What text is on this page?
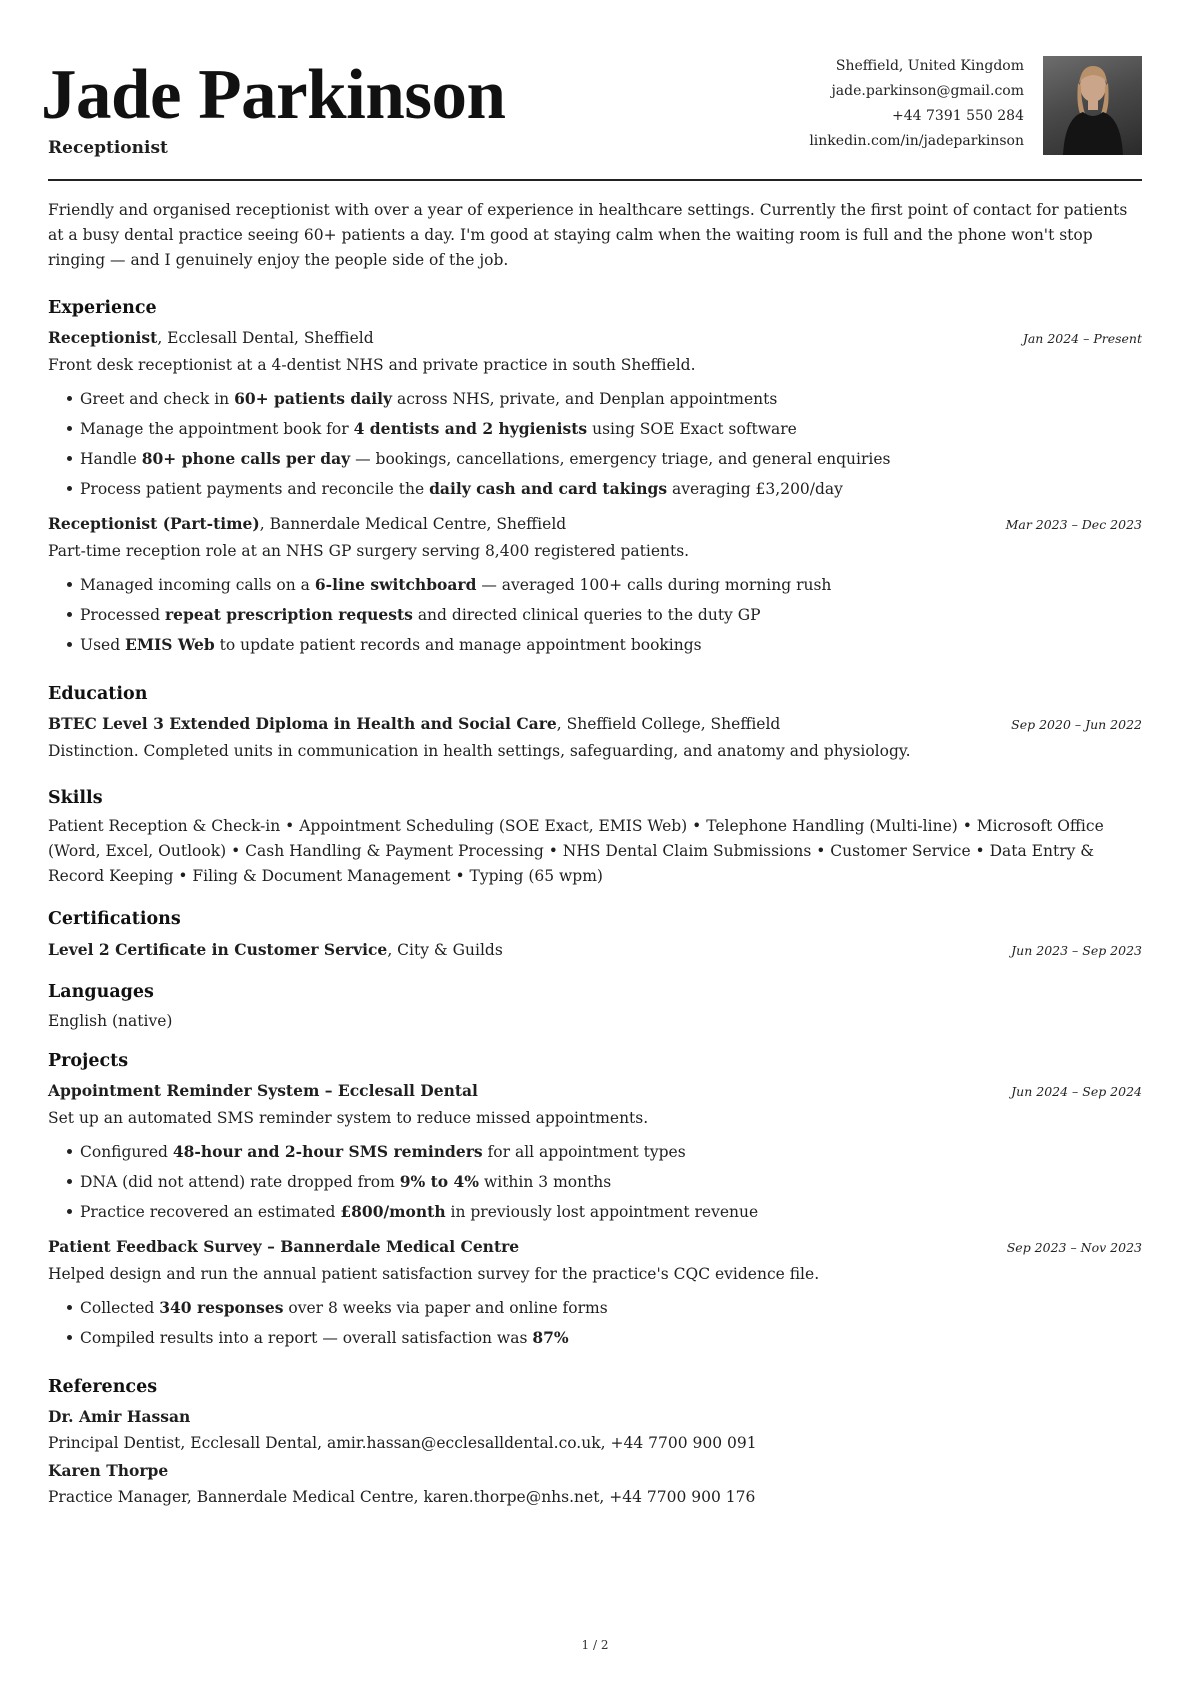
Jade Parkinson
Receptionist
Sheffield, United Kingdom
jade.parkinson@gmail.com
+44 7391 550 284
linkedin.com/in/jadeparkinson

Friendly and organised receptionist with over a year of experience in healthcare settings. Currently the first point of contact for patients at a busy dental practice seeing 60+ patients a day. I'm good at staying calm when the waiting room is full and the phone won't stop ringing — and I genuinely enjoy the people side of the job.

Experience
Receptionist, Ecclesall Dental, Sheffield	Jan 2024 – Present

Front desk receptionist at a 4-dentist NHS and private practice in south Sheffield.

Greet and check in 60+ patients daily across NHS, private, and Denplan appointments
Manage the appointment book for 4 dentists and 2 hygienists using SOE Exact software
Handle 80+ phone calls per day — bookings, cancellations, emergency triage, and general enquiries
Process patient payments and reconcile the daily cash and card takings averaging £3,200/day
Receptionist (Part-time), Bannerdale Medical Centre, Sheffield	Mar 2023 – Dec 2023

Part-time reception role at an NHS GP surgery serving 8,400 registered patients.

Managed incoming calls on a 6-line switchboard — averaged 100+ calls during morning rush
Processed repeat prescription requests and directed clinical queries to the duty GP
Used EMIS Web to update patient records and manage appointment bookings
Education
BTEC Level 3 Extended Diploma in Health and Social Care, Sheffield College, Sheffield	Sep 2020 – Jun 2022

Distinction. Completed units in communication in health settings, safeguarding, and anatomy and physiology.

Skills

Patient Reception & Check-in • Appointment Scheduling (SOE Exact, EMIS Web) • Telephone Handling (Multi-line) • Microsoft Office (Word, Excel, Outlook) • Cash Handling & Payment Processing • NHS Dental Claim Submissions • Customer Service • Data Entry & Record Keeping • Filing & Document Management • Typing (65 wpm)

Certifications
Level 2 Certificate in Customer Service, City & Guilds	Jun 2023 – Sep 2023
Languages

English (native)

Projects
Appointment Reminder System – Ecclesall Dental	Jun 2024 – Sep 2024

Set up an automated SMS reminder system to reduce missed appointments.

Configured 48-hour and 2-hour SMS reminders for all appointment types
DNA (did not attend) rate dropped from 9% to 4% within 3 months
Practice recovered an estimated £800/month in previously lost appointment revenue
Patient Feedback Survey – Bannerdale Medical Centre	Sep 2023 – Nov 2023

Helped design and run the annual patient satisfaction survey for the practice's CQC evidence file.

Collected 340 responses over 8 weeks via paper and online forms
Compiled results into a report — overall satisfaction was 87%
References
Dr. Amir Hassan

Principal Dentist, Ecclesall Dental, amir.hassan@ecclesalldental.co.uk, +44 7700 900 091

Karen Thorpe

Practice Manager, Bannerdale Medical Centre, karen.thorpe@nhs.net, +44 7700 900 176

1 / 2
